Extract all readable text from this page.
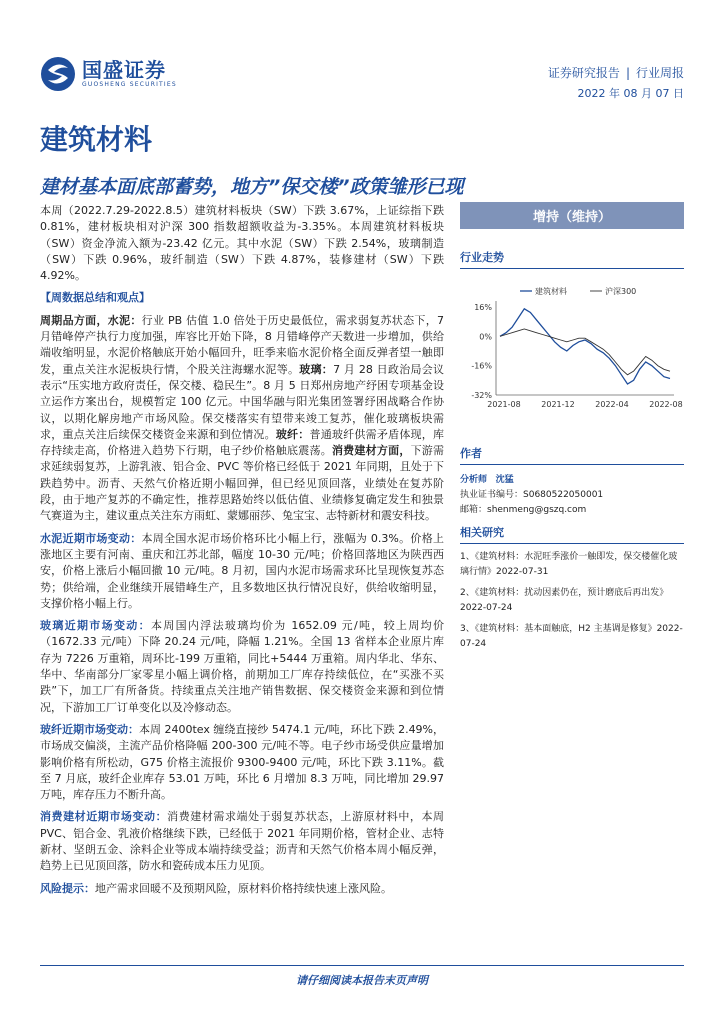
国盛证券
GUOSHENG SECURITIES
证券研究报告 | 行业周报
2022 年 08 月 07 日
建筑材料
建材基本面底部蓄势，地方”保交楼”政策雏形已现

本周（2022.7.29-2022.8.5）建筑材料板块（SW）下跌 3.67%，上证综指下跌 0.81%，建材板块相对沪深 300 指数超额收益为-3.35%。本周建筑材料板块（SW）资金净流入额为-23.42 亿元。其中水泥（SW）下跌 2.54%，玻璃制造（SW）下跌 0.96%，玻纤制造（SW）下跌 4.87%，装修建材（SW）下跌 4.92%。

【周数据总结和观点】

周期品方面，水泥：行业 PB 估值 1.0 倍处于历史最低位，需求弱复苏状态下，7 月错峰停产执行力度加强，库容比开始下降，8 月错峰停产天数进一步增加，供给端收缩明显，水泥价格触底开始小幅回升，旺季来临水泥价格全面反弹者望一触即发，重点关注水泥板块行情，个股关注海螺水泥等。玻璃：7 月 28 日政治局会议表示“压实地方政府责任，保交楼、稳民生”。8 月 5 日郑州房地产纾困专项基金设立运作方案出台，规模暂定 100 亿元。中国华融与阳光集团签署纾困战略合作协议，以期化解房地产市场风险。保交楼落实有望带来竣工复苏，催化玻璃板块需求，重点关注后续保交楼资金来源和到位情况。玻纤：普通玻纤供需矛盾体现，库存持续走高，价格进入趋势下行期，电子纱价格触底震荡。消费建材方面，下游需求延续弱复苏，上游乳液、铝合金、PVC 等价格已经低于 2021 年同期，且处于下跌趋势中。沥青、天然气价格近期小幅回弹，但已经见顶回落，业绩处在复苏阶段，由于地产复苏的不确定性，推荐思路始终以低估值、业绩修复确定发生和独景气赛道为主，建议重点关注东方雨虹、蒙娜丽莎、兔宝宝、志特新材和震安科技。

水泥近期市场变动：本周全国水泥市场价格环比小幅上行，涨幅为 0.3%。价格上涨地区主要有河南、重庆和江苏北部，幅度 10-30 元/吨；价格回落地区为陕西西安，价格上涨后小幅回撤 10 元/吨。8 月初，国内水泥市场需求环比呈现恢复苏态势；供给端，企业继续开展错峰生产，且多数地区执行情况良好，供给收缩明显，支撑价格小幅上行。

玻璃近期市场变动：本周国内浮法玻璃均价为 1652.09 元/吨，较上周均价（1672.33 元/吨）下降 20.24 元/吨，降幅 1.21%。全国 13 省样本企业原片库存为 7226 万重箱，周环比-199 万重箱，同比+5444 万重箱。周内华北、华东、华中、华南部分厂家零星小幅上调价格，前期加工厂库存持续低位，在“买涨不买跌”下，加工厂有所备货。持续重点关注地产销售数据、保交楼资金来源和到位情况，下游加工厂订单变化以及冷修动态。

玻纤近期市场变动：本周 2400tex 缠绕直接纱 5474.1 元/吨，环比下跌 2.49%，市场成交偏淡，主流产品价格降幅 200-300 元/吨不等。电子纱市场受供应量增加影响价格有所松动，G75 价格主流报价 9300-9400 元/吨，环比下跌 3.11%。截至 7 月底，玻纤企业库存 53.01 万吨，环比 6 月增加 8.3 万吨，同比增加 29.97 万吨，库存压力不断升高。

消费建材近期市场变动：消费建材需求端处于弱复苏状态，上游原材料中，本周 PVC、铝合金、乳液价格继续下跌，已经低于 2021 年同期价格，管材企业、志特新材、坚朗五金、涂料企业等成本端持续受益；沥青和天然气价格本周小幅反弹，趋势上已见顶回落，防水和瓷砖成本压力见顶。

风险提示：地产需求回暖不及预期风险，原材料价格持续快速上涨风险。

增持（维持）
行业走势
16%
0%
-16%
-32%
2021-08	2021-12	2022-04	2022-08
建筑材料	沪深300
作者
分析师 沈猛
执业证书编号：S0680522050001
邮箱：shenmeng@gszq.com
相关研究
1、《建筑材料：水泥旺季涨价一触即发，保交楼催化玻璃行情》2022-07-31
2、《建筑材料：扰动因素仍在，预计磨底后再出发》2022-07-24
3、《建筑材料：基本面触底，H2 主基调是修复》2022-07-24
请仔细阅读本报告末页声明
